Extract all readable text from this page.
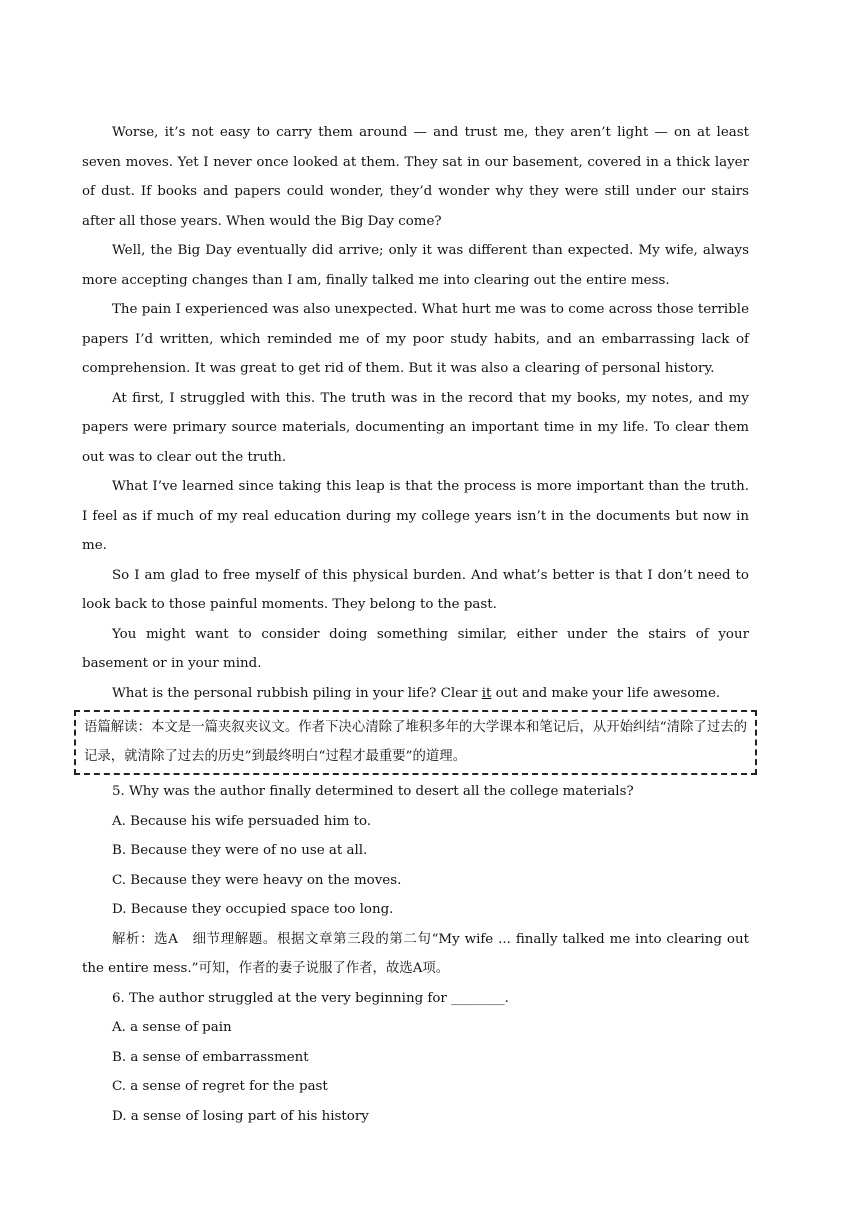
Worse, it’s not easy to carry them around — and trust me, they aren’t light — on at least seven moves. Yet I never once looked at them. They sat in our basement, covered in a thick layer of dust. If books and papers could wonder, they’d wonder why they were still under our stairs after all those years. When would the Big Day come?

Well, the Big Day eventually did arrive; only it was different than expected. My wife, always more accepting changes than I am, finally talked me into clearing out the entire mess.

The pain I experienced was also unexpected. What hurt me was to come across those terrible papers I’d written, which reminded me of my poor study habits, and an embarrassing lack of comprehension. It was great to get rid of them. But it was also a clearing of personal history.

At first, I struggled with this. The truth was in the record that my books, my notes, and my papers were primary source materials, documenting an important time in my life. To clear them out was to clear out the truth.

What I’ve learned since taking this leap is that the process is more important than the truth. I feel as if much of my real education during my college years isn’t in the documents but now in me.

So I am glad to free myself of this physical burden. And what’s better is that I don’t need to look back to those painful moments. They belong to the past.

You might want to consider doing something similar, either under the stairs of your basement or in your mind.

What is the personal rubbish piling in your life? Clear it out and make your life awesome.

语篇解读：本文是一篇夹叙夹议文。作者下决心清除了堆积多年的大学课本和笔记后，从开始纠结“清除了过去的记录，就清除了过去的历史”到最终明白“过程才最重要”的道理。

5. Why was the author finally determined to desert all the college materials?

A. Because his wife persuaded him to.

B. Because they were of no use at all.

C. Because they were heavy on the moves.

D. Because they occupied space too long.

解析：选A　细节理解题。根据文章第三段的第二句“My wife ... finally talked me into clearing out the entire mess.”可知，作者的妻子说服了作者，故选A项。

6. The author struggled at the very beginning for ________.

A. a sense of pain

B. a sense of embarrassment

C. a sense of regret for the past

D. a sense of losing part of his history
